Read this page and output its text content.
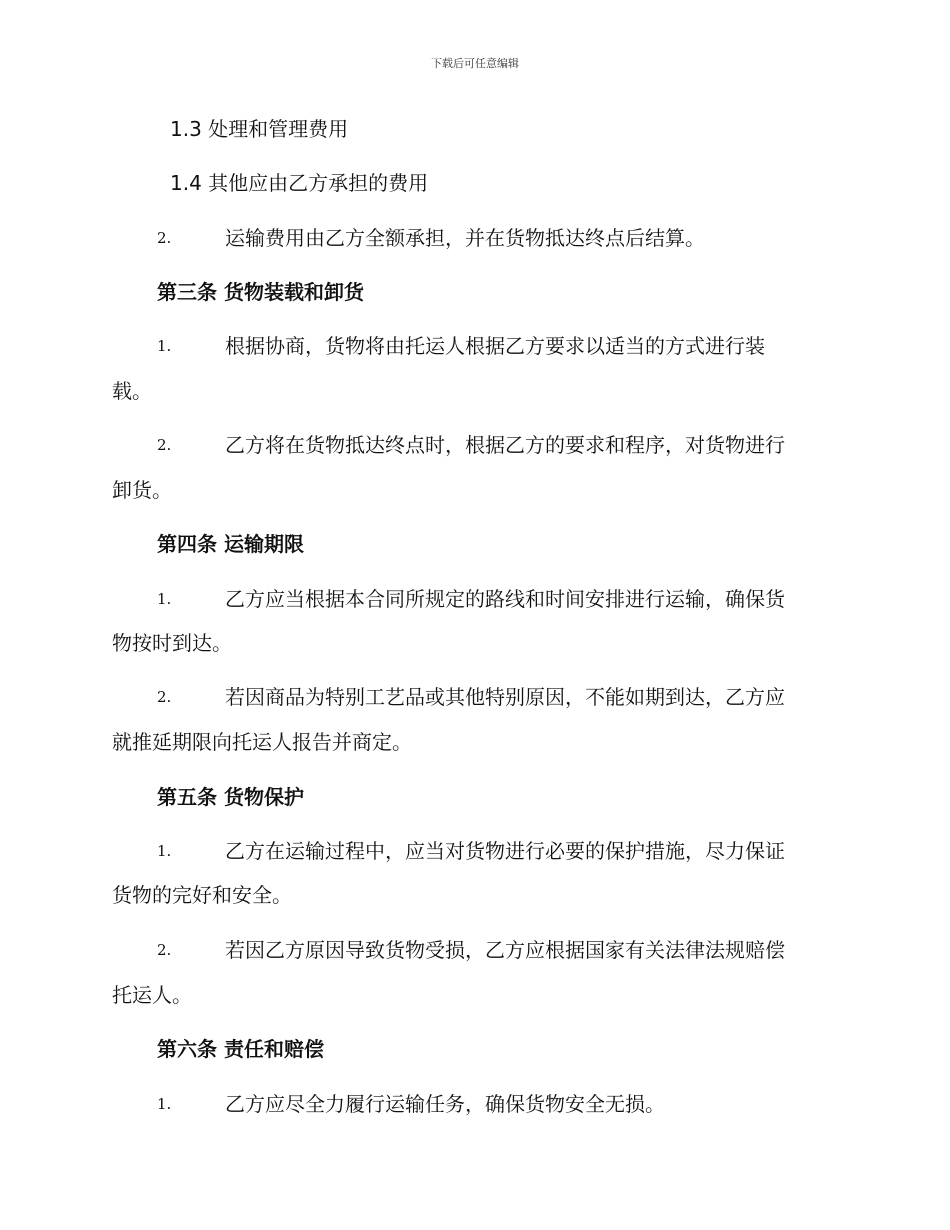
下载后可任意编辑
1.3 处理和管理费用
1.4 其他应由乙方承担的费用
2.	运输费用由乙方全额承担，并在货物抵达终点后结算。
第三条 货物装载和卸货
1.	根据协商，货物将由托运人根据乙方要求以适当的方式进行装
载。
2.	乙方将在货物抵达终点时，根据乙方的要求和程序，对货物进行
卸货。
第四条 运输期限
1.	乙方应当根据本合同所规定的路线和时间安排进行运输，确保货
物按时到达。
2.	若因商品为特别工艺品或其他特别原因，不能如期到达，乙方应
就推延期限向托运人报告并商定。
第五条 货物保护
1.	乙方在运输过程中，应当对货物进行必要的保护措施，尽力保证
货物的完好和安全。
2.	若因乙方原因导致货物受损，乙方应根据国家有关法律法规赔偿
托运人。
第六条 责任和赔偿
1.	乙方应尽全力履行运输任务，确保货物安全无损。
